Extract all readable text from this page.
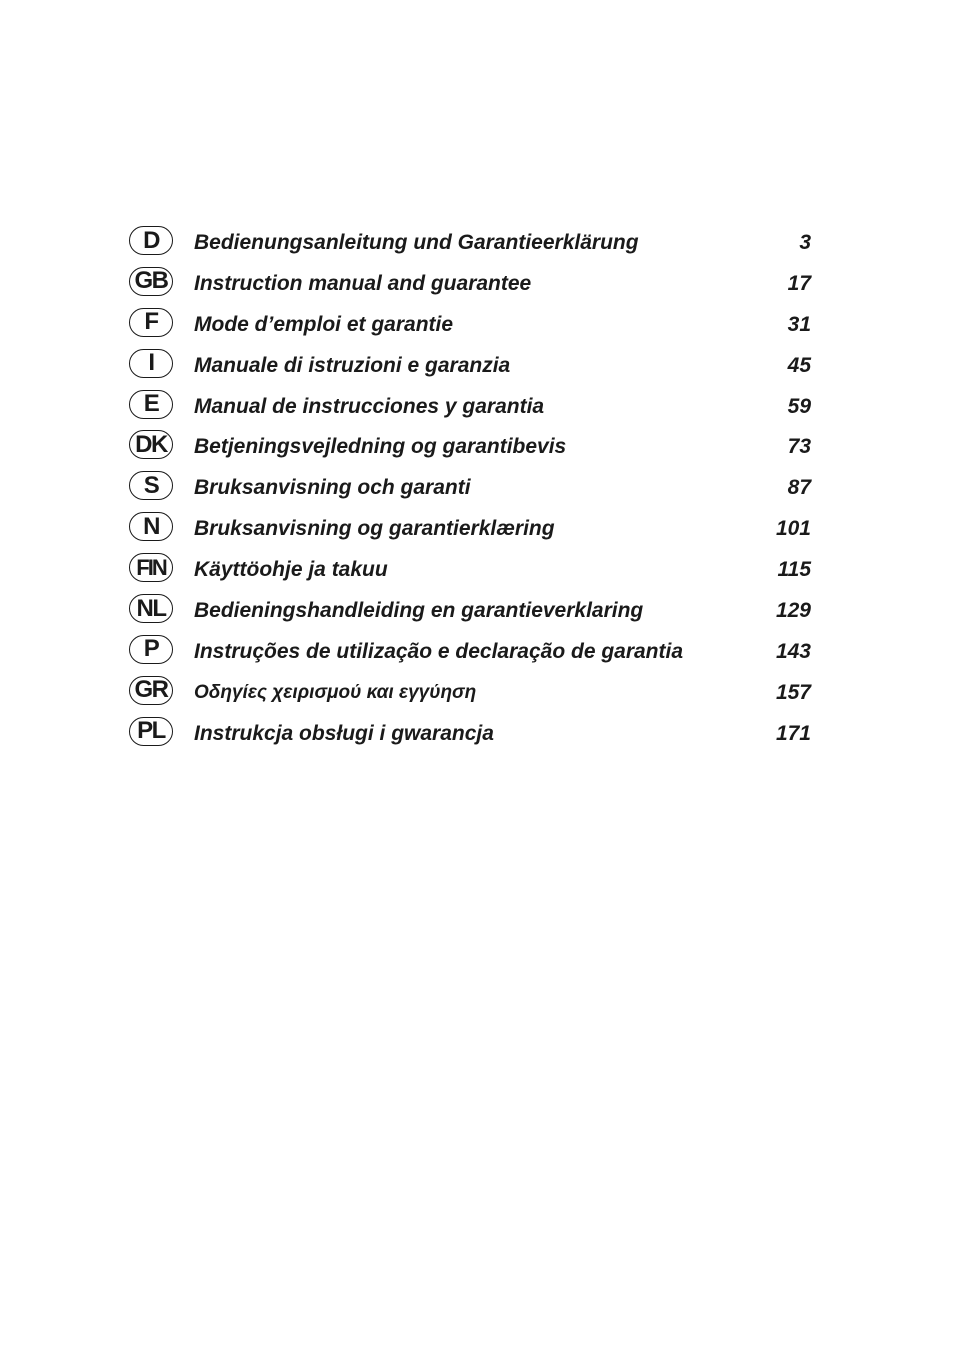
D	Bedienungsanleitung und Garantieerklärung	3
GB Instruction manual and guarantee	17
F	Mode d’emploi et garantie	31
I	Manuale di istruzioni e garanzia	45
E	Manual de instrucciones y garantia	59
DK Betjeningsvejledning og garantibevis	73
S	Bruksanvisning och garanti	87
N	Bruksanvisning og garantierklæring	101
FIN	Käyttöohje ja takuu	115
NL	Bedieningshandleiding en garantieverklaring	129
P	Instruções de utilização e declaração de garantia	143
GR Οδηγίες χειρισμού και εγγύηση	157
PL	Instrukcja obsługi i gwarancja	171
